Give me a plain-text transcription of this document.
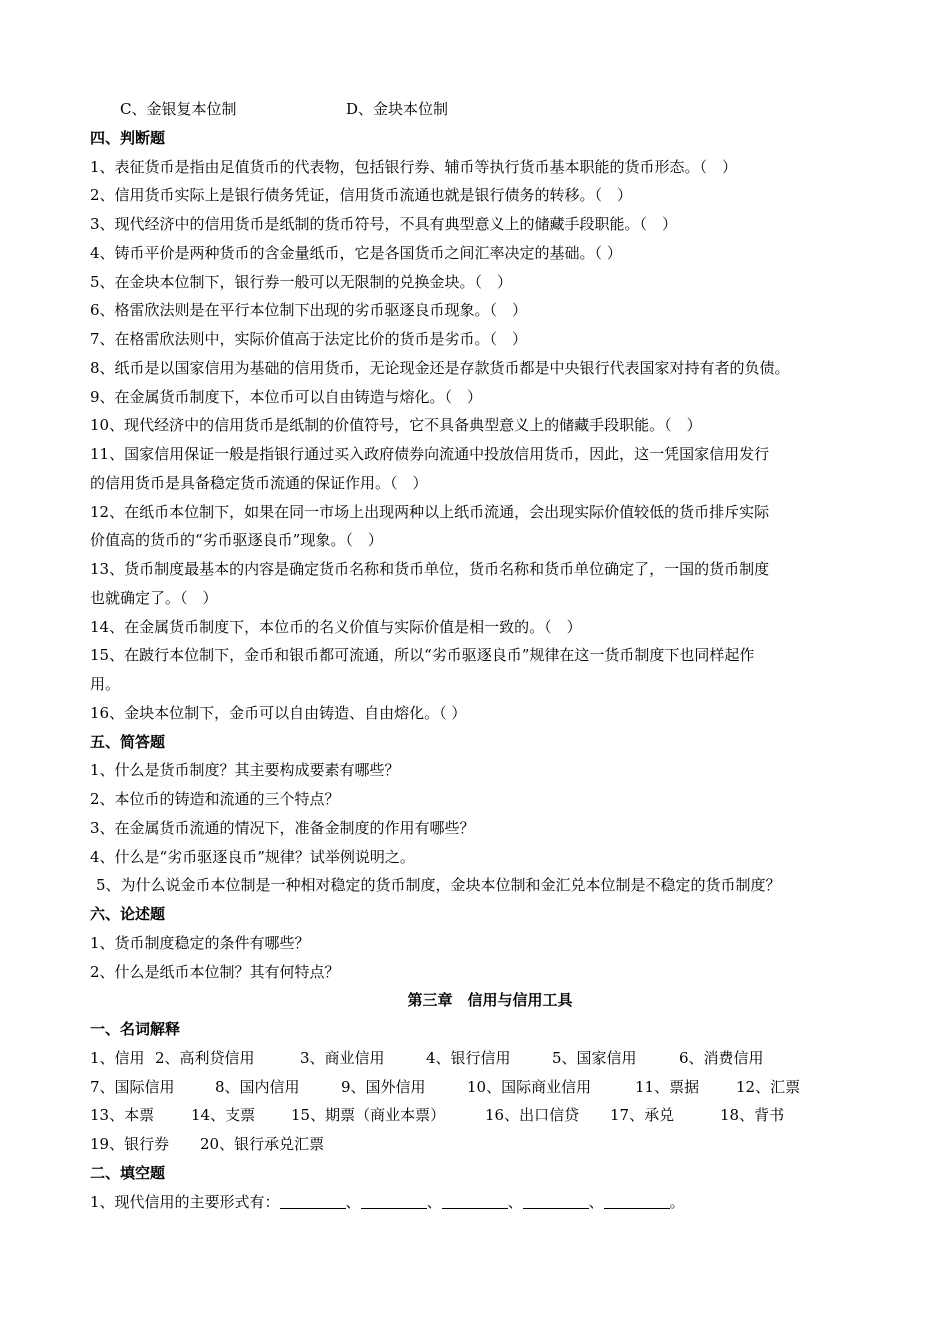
C、金银复本位制	D、金块本位制
四、判断题
1、表征货币是指由足值货币的代表物，包括银行券、辅币等执行货币基本职能的货币形态。（　）
2、信用货币实际上是银行债务凭证，信用货币流通也就是银行债务的转移。（　）
3、现代经济中的信用货币是纸制的货币符号，不具有典型意义上的储藏手段职能。（　）
4、铸币平价是两种货币的含金量纸币，它是各国货币之间汇率决定的基础。（ ）
5、在金块本位制下，银行券一般可以无限制的兑换金块。（　）
6、格雷欣法则是在平行本位制下出现的劣币驱逐良币现象。（　）
7、在格雷欣法则中，实际价值高于法定比价的货币是劣币。（　）
8、纸币是以国家信用为基础的信用货币，无论现金还是存款货币都是中央银行代表国家对持有者的负债。
9、在金属货币制度下，本位币可以自由铸造与熔化。（　）
10、现代经济中的信用货币是纸制的价值符号，它不具备典型意义上的储藏手段职能。（　）
11、国家信用保证一般是指银行通过买入政府债券向流通中投放信用货币，因此，这一凭国家信用发行
的信用货币是具备稳定货币流通的保证作用。（　）
12、在纸币本位制下，如果在同一市场上出现两种以上纸币流通，会出现实际价值较低的货币排斥实际
价值高的货币的“劣币驱逐良币”现象。（　）
13、货币制度最基本的内容是确定货币名称和货币单位，货币名称和货币单位确定了，一国的货币制度
也就确定了。（　）
14、在金属货币制度下，本位币的名义价值与实际价值是相一致的。（　）
15、在跛行本位制下，金币和银币都可流通，所以“劣币驱逐良币”规律在这一货币制度下也同样起作
用。
16、金块本位制下，金币可以自由铸造、自由熔化。（ ）
五、简答题
1、什么是货币制度？其主要构成要素有哪些？
2、本位币的铸造和流通的三个特点？
3、在金属货币流通的情况下，准备金制度的作用有哪些？
4、什么是“劣币驱逐良币”规律？试举例说明之。
5、为什么说金币本位制是一种相对稳定的货币制度，金块本位制和金汇兑本位制是不稳定的货币制度？
六、论述题
1、货币制度稳定的条件有哪些？
2、什么是纸币本位制？其有何特点？
第三章　信用与信用工具
一、名词解释
1、信用 2、高利贷信用	3、商业信用	4、银行信用	5、国家信用	6、消费信用
7、国际信用	8、国内信用	9、国外信用	10、国际商业信用	11、票据 12、汇票
13、本票 14、支票 15、期票（商业本票）	16、出口信贷 17、承兑	18、背书
19、银行券 20、银行承兑汇票
二、填空题
1、现代信用的主要形式有：	、	、	、	、	。
